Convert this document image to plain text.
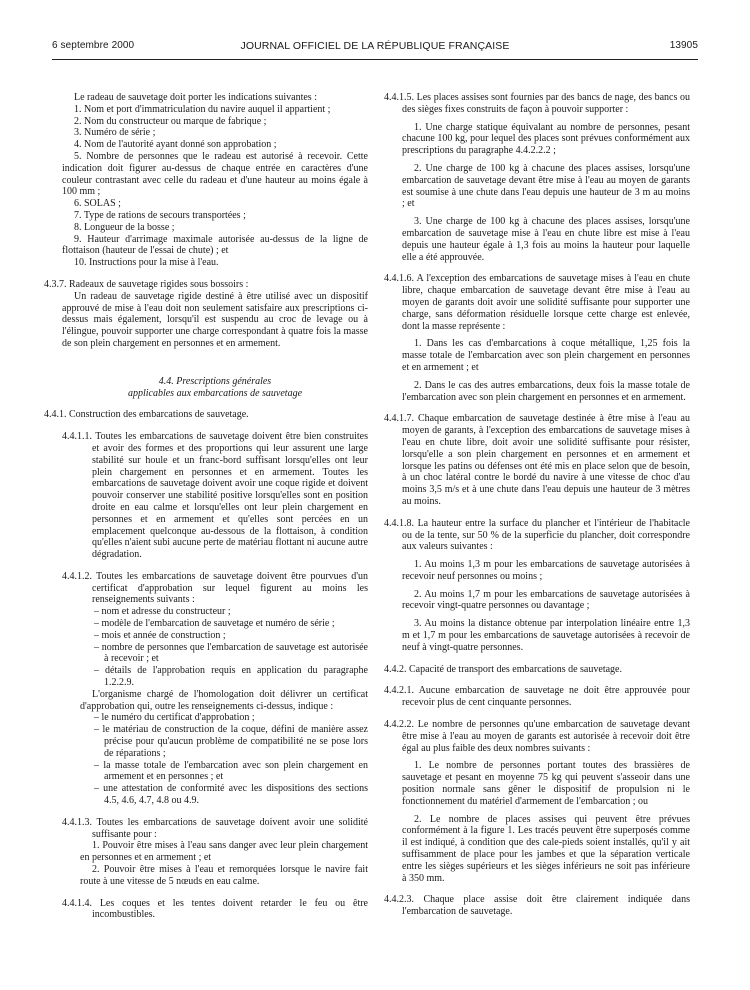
JOURNAL OFFICIEL DE LA RÉPUBLIQUE FRANÇAISE
6 septembre 2000	13905

Le radeau de sauvetage doit porter les indications suivantes :

1. Nom et port d'immatriculation du navire auquel il appartient ;

2. Nom du constructeur ou marque de fabrique ;

3. Numéro de série ;

4. Nom de l'autorité ayant donné son approbation ;

5. Nombre de personnes que le radeau est autorisé à recevoir. Cette indication doit figurer au-dessus de chaque entrée en caractères d'une couleur contrastant avec celle du radeau et d'une hauteur au moins égale à 100 mm ;

6. SOLAS ;

7. Type de rations de secours transportées ;

8. Longueur de la bosse ;

9. Hauteur d'arrimage maximale autorisée au-dessus de la ligne de flottaison (hauteur de l'essai de chute) ; et

10. Instructions pour la mise à l'eau.

4.3.7. Radeaux de sauvetage rigides sous bossoirs :

Un radeau de sauvetage rigide destiné à être utilisé avec un dispositif approuvé de mise à l'eau doit non seulement satisfaire aux prescriptions ci-dessus mais également, lorsqu'il est suspendu au croc de levage ou à l'élingue, pouvoir supporter une charge correspondant à quatre fois la masse de son plein chargement en personnes et en armement.

4.4. Prescriptions générales

applicables aux embarcations de sauvetage

4.4.1. Construction des embarcations de sauvetage.

4.4.1.1. Toutes les embarcations de sauvetage doivent être bien construites et avoir des formes et des proportions qui leur assurent une large stabilité sur houle et un franc-bord suffisant lorsqu'elles ont leur plein chargement en personnes et en armement. Toutes les embarcations de sauvetage doivent avoir une coque rigide et doivent pouvoir conserver une stabilité positive lorsqu'elles sont en position droite en eau calme et lorsqu'elles ont leur plein chargement en personnes et en armement et qu'elles sont percées en un emplacement quelconque au-dessous de la flottaison, à condition qu'elles n'aient subi aucune perte de matériau flottant ni aucune autre dégradation.

4.4.1.2. Toutes les embarcations de sauvetage doivent être pourvues d'un certificat d'approbation sur lequel figurent au moins les renseignements suivants :

– nom et adresse du constructeur ;

– modèle de l'embarcation de sauvetage et numéro de série ;

– mois et année de construction ;

– nombre de personnes que l'embarcation de sauvetage est autorisée à recevoir ; et

– détails de l'approbation requis en application du paragraphe 1.2.2.9.

L'organisme chargé de l'homologation doit délivrer un certificat d'approbation qui, outre les renseignements ci-dessus, indique :

– le numéro du certificat d'approbation ;

– le matériau de construction de la coque, défini de manière assez précise pour qu'aucun problème de compatibilité ne se pose lors de réparations ;

– la masse totale de l'embarcation avec son plein chargement en armement et en personnes ; et

– une attestation de conformité avec les dispositions des sections 4.5, 4.6, 4.7, 4.8 ou 4.9.

4.4.1.3. Toutes les embarcations de sauvetage doivent avoir une solidité suffisante pour :

1. Pouvoir être mises à l'eau sans danger avec leur plein chargement en personnes et en armement ; et

2. Pouvoir être mises à l'eau et remorquées lorsque le navire fait route à une vitesse de 5 nœuds en eau calme.

4.4.1.4. Les coques et les tentes doivent retarder le feu ou être incombustibles.

4.4.1.5. Les places assises sont fournies par des bancs de nage, des bancs ou des sièges fixes construits de façon à pouvoir supporter :

1. Une charge statique équivalant au nombre de personnes, pesant chacune 100 kg, pour lequel des places sont prévues conformément aux prescriptions du paragraphe 4.4.2.2.2 ;

2. Une charge de 100 kg à chacune des places assises, lorsqu'une embarcation de sauvetage devant être mise à l'eau au moyen de garants est soumise à une chute dans l'eau depuis une hauteur de 3 m au moins ; et

3. Une charge de 100 kg à chacune des places assises, lorsqu'une embarcation de sauvetage mise à l'eau en chute libre est mise à l'eau depuis une hauteur égale à 1,3 fois au moins la hauteur pour laquelle elle a été approuvée.

4.4.1.6. A l'exception des embarcations de sauvetage mises à l'eau en chute libre, chaque embarcation de sauvetage devant être mise à l'eau au moyen de garants doit avoir une solidité suffisante pour supporter une charge, sans déformation résiduelle lorsque cette charge est enlevée, dont la masse représente :

1. Dans les cas d'embarcations à coque métallique, 1,25 fois la masse totale de l'embarcation avec son plein chargement en personnes et en armement ; et

2. Dans le cas des autres embarcations, deux fois la masse totale de l'embarcation avec son plein chargement en personnes et en armement.

4.4.1.7. Chaque embarcation de sauvetage destinée à être mise à l'eau au moyen de garants, à l'exception des embarcations de sauvetage mises à l'eau en chute libre, doit avoir une solidité suffisante pour résister, lorsqu'elle a son plein chargement en personnes et en armement et lorsque les patins ou défenses ont été mis en place selon que de besoin, à un choc latéral contre le bordé du navire à une vitesse de choc d'au moins 3,5 m/s et à une chute dans l'eau depuis une hauteur de 3 mètres au moins.

4.4.1.8. La hauteur entre la surface du plancher et l'intérieur de l'habitacle ou de la tente, sur 50 % de la superficie du plancher, doit correspondre aux valeurs suivantes :

1. Au moins 1,3 m pour les embarcations de sauvetage autorisées à recevoir neuf personnes ou moins ;

2. Au moins 1,7 m pour les embarcations de sauvetage autorisées à recevoir vingt-quatre personnes ou davantage ;

3. Au moins la distance obtenue par interpolation linéaire entre 1,3 m et 1,7 m pour les embarcations de sauvetage autorisées à recevoir de neuf à vingt-quatre personnes.

4.4.2. Capacité de transport des embarcations de sauvetage.

4.4.2.1. Aucune embarcation de sauvetage ne doit être approuvée pour recevoir plus de cent cinquante personnes.

4.4.2.2. Le nombre de personnes qu'une embarcation de sauvetage devant être mise à l'eau au moyen de garants est autorisée à recevoir doit être égal au plus faible des deux nombres suivants :

1. Le nombre de personnes portant toutes des brassières de sauvetage et pesant en moyenne 75 kg qui peuvent s'asseoir dans une position normale sans gêner le dispositif de propulsion ni le fonctionnement du matériel d'armement de l'embarcation ; ou

2. Le nombre de places assises qui peuvent être prévues conformément à la figure 1. Les tracés peuvent être superposés comme il est indiqué, à condition que des cale-pieds soient installés, qu'il y ait suffisamment de place pour les jambes et que la séparation verticale entre les sièges supérieurs et les sièges inférieurs ne soit pas inférieure à 350 mm.

4.4.2.3. Chaque place assise doit être clairement indiquée dans l'embarcation de sauvetage.
